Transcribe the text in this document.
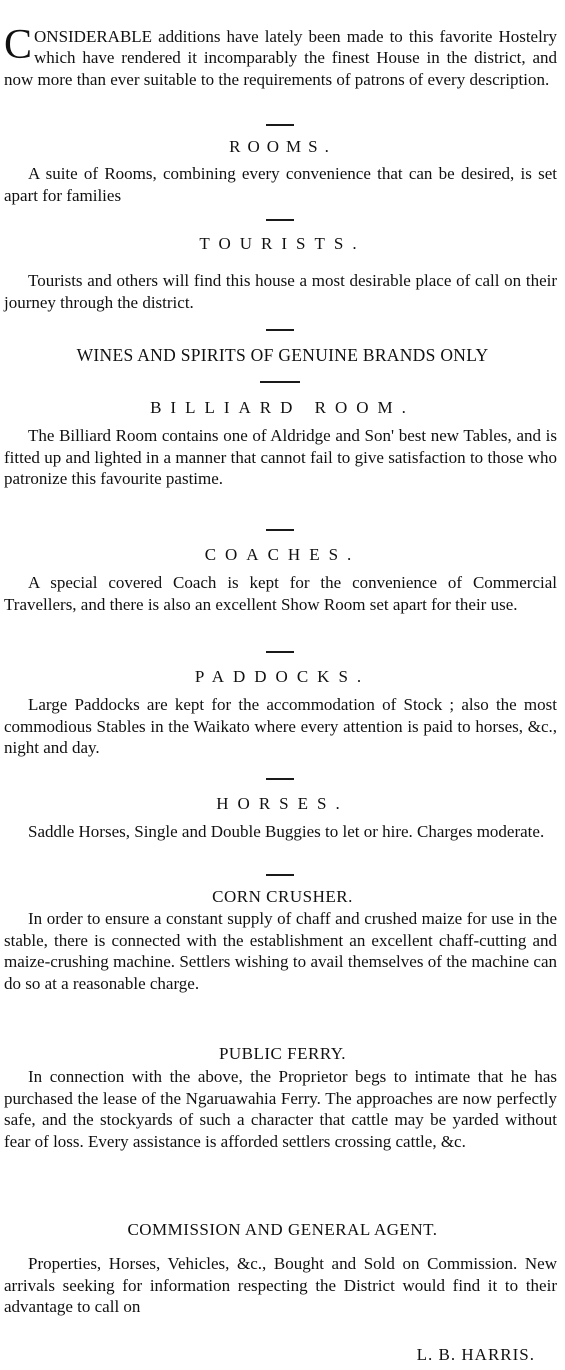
CONSIDERABLE additions have lately been made to this favorite Hostelry which have rendered it incomparably the finest House in the district, and now more than ever suitable to the requirements of patrons of every description.

ROOMS.
A suite of Rooms, combining every convenience that can be desired, is set apart for families
TOURISTS.
Tourists and others will find this house a most desirable place of call on their journey through the district.
WINES AND SPIRITS OF GENUINE BRANDS ONLY
BILLIARD ROOM.
The Billiard Room contains one of Aldridge and Son' best new Tables, and is fitted up and lighted in a manner that cannot fail to give satisfaction to those who patronize this favourite pastime.
COACHES.
A special covered Coach is kept for the convenience of Commercial Travellers, and there is also an excellent Show Room set apart for their use.
PADDOCKS.
Large Paddocks are kept for the accommodation of Stock ; also the most commodious Stables in the Waikato where every attention is paid to horses, &c., night and day.
HORSES.
Saddle Horses, Single and Double Buggies to let or hire. Charges moderate.
CORN CRUSHER.
In order to ensure a constant supply of chaff and crushed maize for use in the stable, there is connected with the establishment an excellent chaff-cutting and maize-crushing machine. Settlers wishing to avail themselves of the machine can do so at a reasonable charge.
PUBLIC FERRY.
In connection with the above, the Proprietor begs to intimate that he has purchased the lease of the Ngaruawahia Ferry. The approaches are now perfectly safe, and the stockyards of such a character that cattle may be yarded without fear of loss. Every assistance is afforded settlers crossing cattle, &c.
COMMISSION AND GENERAL AGENT.
Properties, Horses, Vehicles, &c., Bought and Sold on Commission. New arrivals seeking for information respecting the District would find it to their advantage to call on
L. B. HARRIS.
